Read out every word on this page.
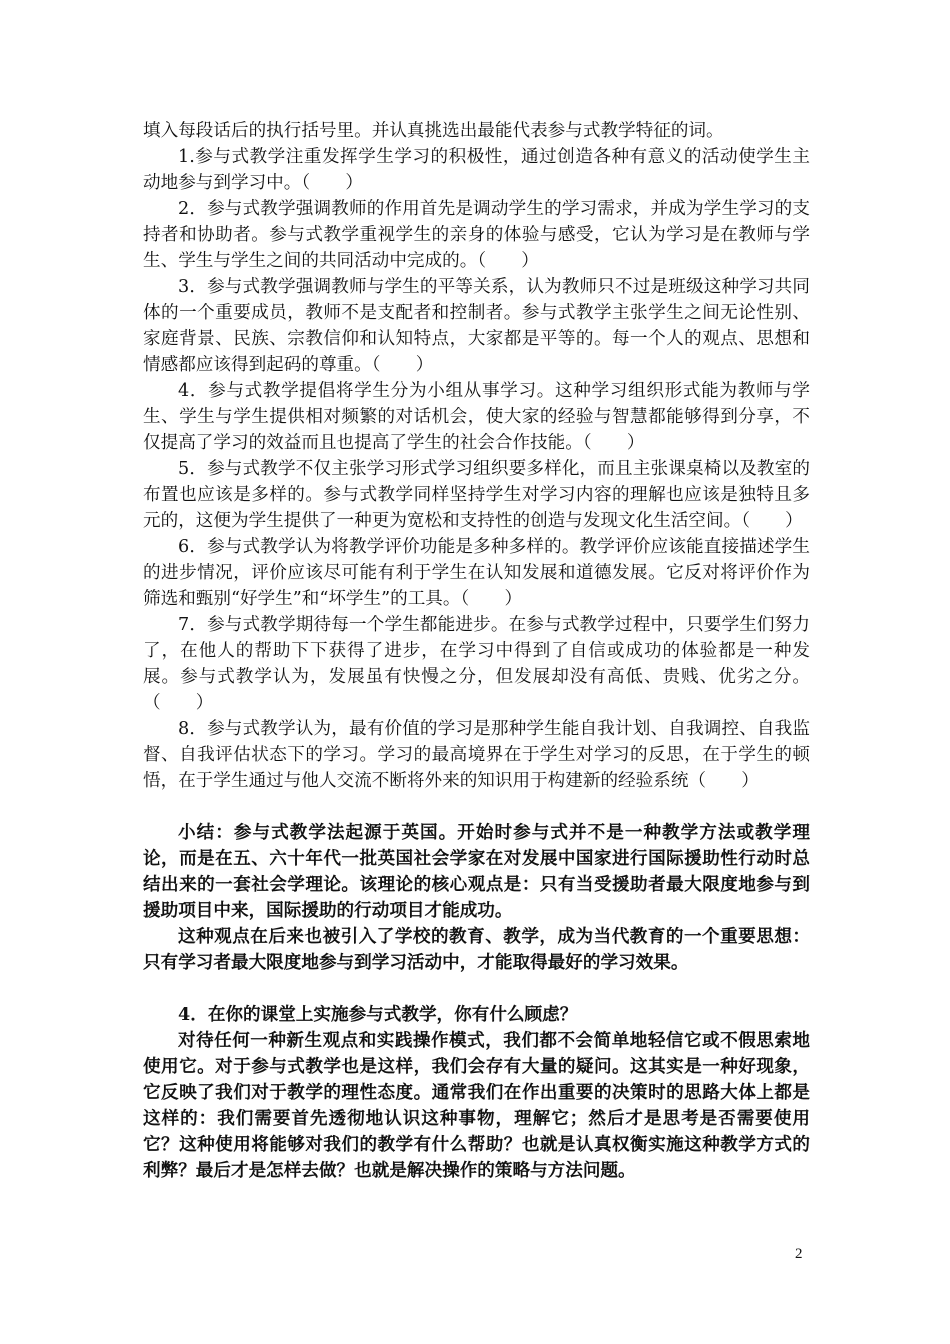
填入每段话后的执行括号里。并认真挑选出最能代表参与式教学特征的词。

1.参与式教学注重发挥学生学习的积极性，通过创造各种有意义的活动使学生主动地参与到学习中。（　　）

2．参与式教学强调教师的作用首先是调动学生的学习需求，并成为学生学习的支持者和协助者。参与式教学重视学生的亲身的体验与感受，它认为学习是在教师与学生、学生与学生之间的共同活动中完成的。（　　）

3．参与式教学强调教师与学生的平等关系，认为教师只不过是班级这种学习共同体的一个重要成员，教师不是支配者和控制者。参与式教学主张学生之间无论性别、家庭背景、民族、宗教信仰和认知特点，大家都是平等的。每一个人的观点、思想和情感都应该得到起码的尊重。（　　）

4．参与式教学提倡将学生分为小组从事学习。这种学习组织形式能为教师与学生、学生与学生提供相对频繁的对话机会，使大家的经验与智慧都能够得到分享，不仅提高了学习的效益而且也提高了学生的社会合作技能。（　　）

5．参与式教学不仅主张学习形式学习组织要多样化，而且主张课桌椅以及教室的布置也应该是多样的。参与式教学同样坚持学生对学习内容的理解也应该是独特且多元的，这便为学生提供了一种更为宽松和支持性的创造与发现文化生活空间。（　　）

6．参与式教学认为将教学评价功能是多种多样的。教学评价应该能直接描述学生的进步情况，评价应该尽可能有利于学生在认知发展和道德发展。它反对将评价作为筛选和甄别“好学生”和“坏学生”的工具。（　　）

7．参与式教学期待每一个学生都能进步。在参与式教学过程中，只要学生们努力了，在他人的帮助下下获得了进步，在学习中得到了自信或成功的体验都是一种发展。参与式教学认为，发展虽有快慢之分，但发展却没有高低、贵贱、优劣之分。（　　）

8．参与式教学认为，最有价值的学习是那种学生能自我计划、自我调控、自我监督、自我评估状态下的学习。学习的最高境界在于学生对学习的反思，在于学生的顿悟，在于学生通过与他人交流不断将外来的知识用于构建新的经验系统（　　）

小结：参与式教学法起源于英国。开始时参与式并不是一种教学方法或教学理论，而是在五、六十年代一批英国社会学家在对发展中国家进行国际援助性行动时总结出来的一套社会学理论。该理论的核心观点是：只有当受援助者最大限度地参与到援助项目中来，国际援助的行动项目才能成功。

这种观点在后来也被引入了学校的教育、教学，成为当代教育的一个重要思想：只有学习者最大限度地参与到学习活动中，才能取得最好的学习效果。

4．在你的课堂上实施参与式教学，你有什么顾虑？

对待任何一种新生观点和实践操作模式，我们都不会简单地轻信它或不假思索地使用它。对于参与式教学也是这样，我们会存有大量的疑问。这其实是一种好现象，它反映了我们对于教学的理性态度。通常我们在作出重要的决策时的思路大体上都是这样的：我们需要首先透彻地认识这种事物，理解它；然后才是思考是否需要使用它？这种使用将能够对我们的教学有什么帮助？也就是认真权衡实施这种教学方式的利弊？最后才是怎样去做？也就是解决操作的策略与方法问题。

2
